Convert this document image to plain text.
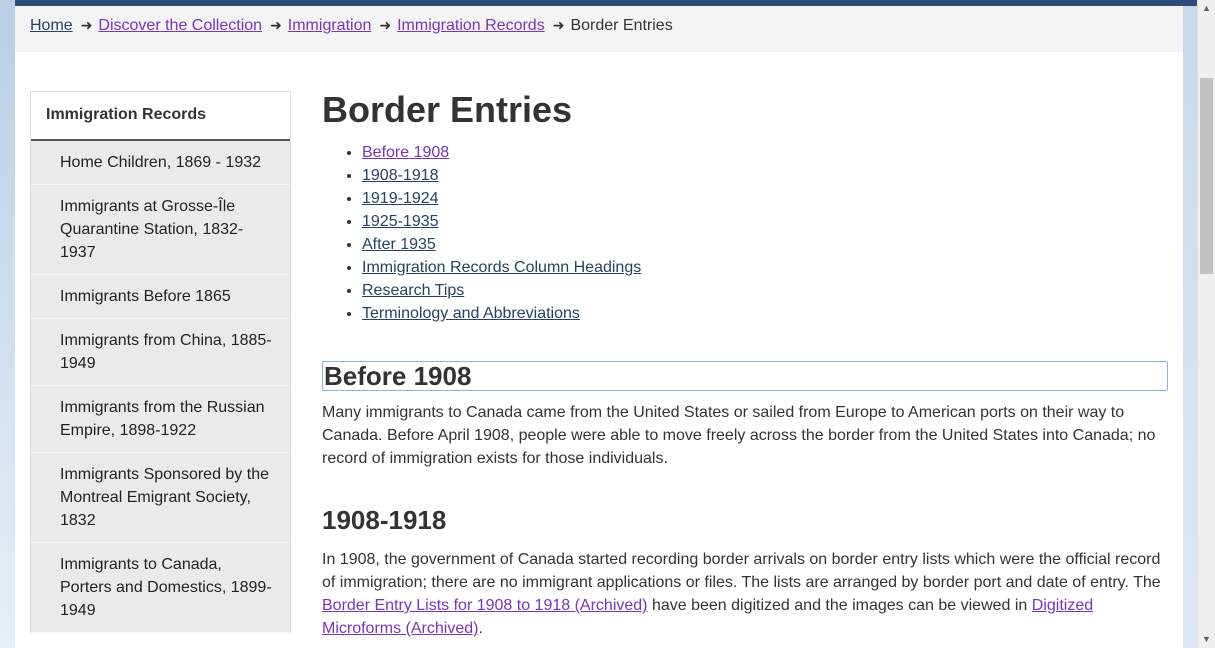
Home ➜ Discover the Collection ➜ Immigration ➜ Immigration Records ➜ Border Entries
Immigration Records
Home Children, 1869 - 1932
Immigrants at Grosse-Île Quarantine Station, 1832-1937
Immigrants Before 1865
Immigrants from China, 1885-1949
Immigrants from the Russian Empire, 1898-1922
Immigrants Sponsored by the Montreal Emigrant Society, 1832
Immigrants to Canada, Porters and Domestics, 1899-1949
Border Entries
• Before 1908
• 1908-1918
• 1919-1924
• 1925-1935
• After 1935
• Immigration Records Column Headings
• Research Tips
• Terminology and Abbreviations
Before 1908

Many immigrants to Canada came from the United States or sailed from Europe to American ports on their way to Canada. Before April 1908, people were able to move freely across the border from the United States into Canada; no record of immigration exists for those individuals.

1908-1918

In 1908, the government of Canada started recording border arrivals on border entry lists which were the official record of immigration; there are no immigrant applications or files. The lists are arranged by border port and date of entry. The Border Entry Lists for 1908 to 1918 (Archived) have been digitized and the images can be viewed in Digitized Microforms (Archived).

▲
▼
